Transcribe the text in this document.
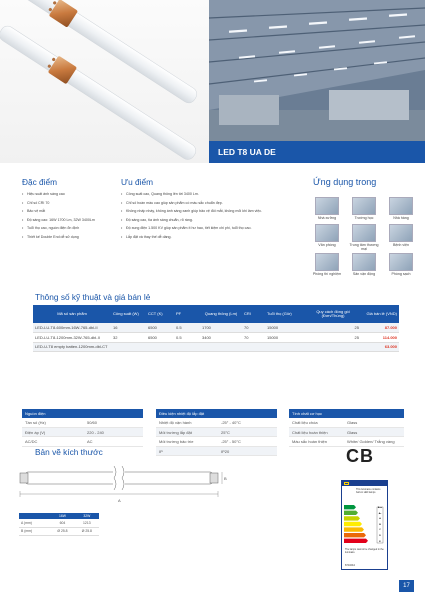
LED T8 UA DE
Đặc điểm
• Hiệu suất ánh sáng cao
• Chỉ số CRI 70
• Bảo vệ mắt
• Độ sáng cao: 16W 1700 Lm, 32W 3400Lm
• Tuổi thọ cao, nguồn điện ổn định
• Thiết kế Double End dễ sử dụng
Ưu điểm
• Công suất cao, Quang thông lên tới 3400 Lm.
• Chỉ số hoàn màu cao giúp sản phẩm có màu sắc chuẩn đẹp.
• Không nhấp nháy, không ánh sáng xanh giúp bảo vệ đôi mắt, không mỏi khi làm việc.
• Độ sáng cao, tia ánh sáng chuẩn, rõ ràng.
• Độ xung điện 1.500 KV giúp sản phẩm ít hư hao, tiết kiệm chi phí, tuổi thọ cao.
• Lắp đặt và thay thế dễ dàng.
Ứng dụng trong
Nhà xưởng	Trường học	Nhà hàng
Văn phòng	Trung tâm thương mại
Bệnh viện
Phòng thí nghiệm	Sân vận động	Phòng sạch
Thông số kỹ thuật và giá bán lẻ
Mã số sản phẩm	Công suất (W)	CCT (K)	PF	Quang thông (Lm)	CRI	Tuổi thọ (Giờ)	Quy cách đóng gói (Đơn/Thùng)	Giá bán lẻ (VND)
LED-LU-T8-600mm-16W-765-dbl-II	16	6500	0.5	1700	70	15000	25	87.000
LED-LU-T8-1200mm-32W-765-dbl-II	32	6500	0.5	3400	70	15000	25	114.000
LED-U-T8 empty batten-1200mm-dbl-CT								63.000
Nguồn điện
Tần số (Hz)	50/60
Điện áp (V)	220 - 240
AC/DC	AC
Điều kiện nhiệt độ lắp đặt
Nhiệt độ vận hành	-25° - 40°C
Môi trường lắp đặt	25°C
Môi trường bảo trìe	-25° - 50°C
IP	IP20
Tính chất cơ học
Chất liệu chóa	Glass
Chất liệu hoàn thiện	Glass
Màu sắc hoàn thiện	White/ Golden/ Trắng vàng
Bản vẽ kích thước
A
B
	16W	32W
A (mm)	604	1213
B (mm)	Ø 25.8	Ø 25.8
CB
This luminaire contains built-in LED lamps
A++
A+
A
B
C
D
E
The lamps cannot be changed in the luminaire
874/2012
17
